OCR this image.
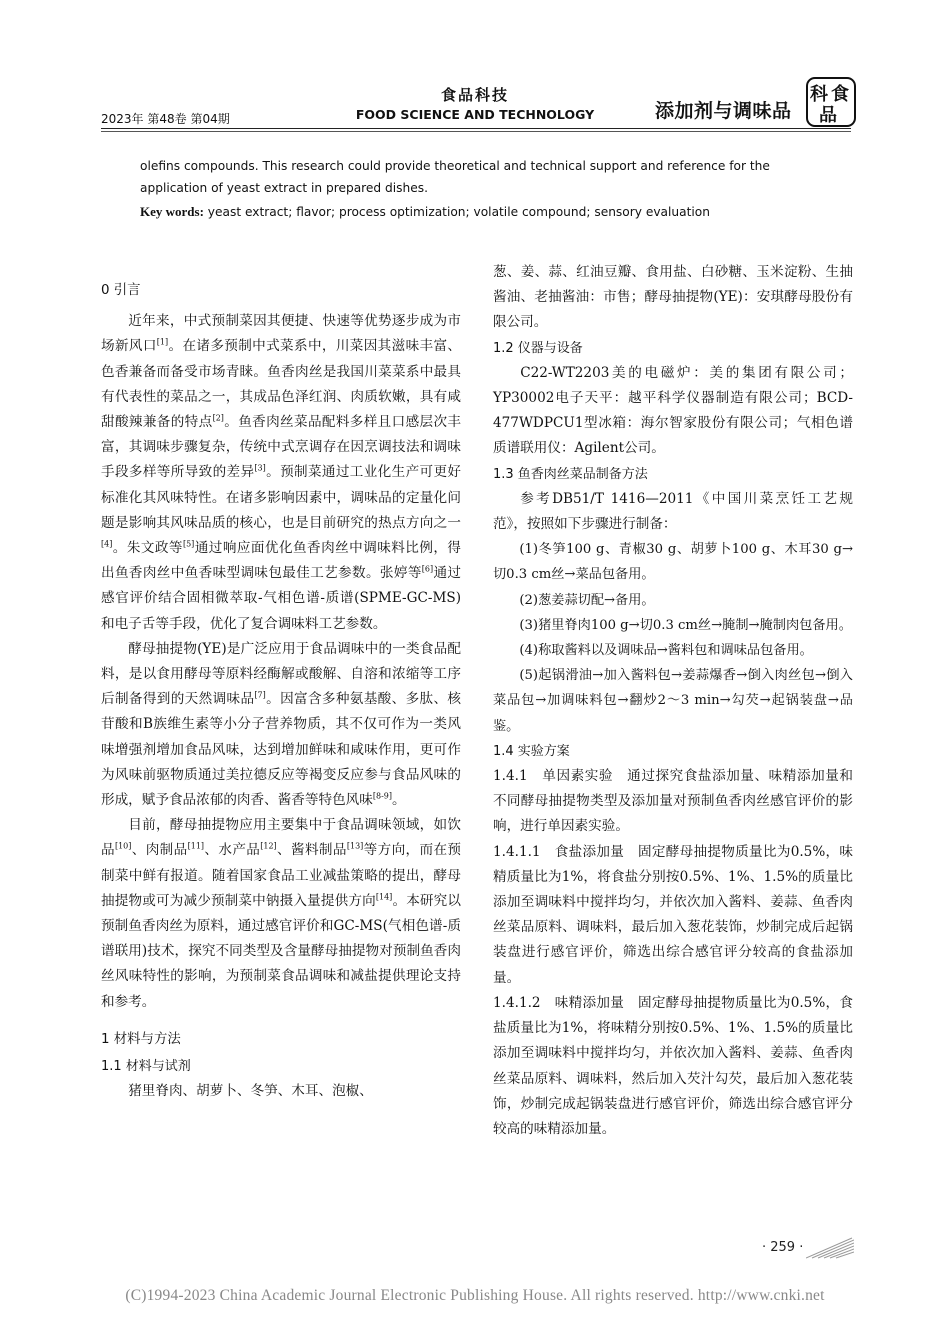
2023年 第48卷 第04期
食品科技
FOOD SCIENCE AND TECHNOLOGY	添加剂与调味品
科 食
品
olefins compounds. This research could provide theoretical and technical support and reference for the
application of yeast extract in prepared dishes.
Key words: yeast extract; flavor; process optimization; volatile compound; sensory evaluation
0 引言
近年来，中式预制菜因其便捷、快速等优势逐步成为市场新风口[1]。在诸多预制中式菜系中，川菜因其滋味丰富、色香兼备而备受市场青睐。鱼香肉丝是我国川菜菜系中最具有代表性的菜品之一，其成品色泽红润、肉质软嫩，具有咸甜酸辣兼备的特点[2]。鱼香肉丝菜品配料多样且口感层次丰富，其调味步骤复杂，传统中式烹调存在因烹调技法和调味手段多样等所导致的差异[3]。预制菜通过工业化生产可更好标准化其风味特性。在诸多影响因素中，调味品的定量化问题是影响其风味品质的核心，也是目前研究的热点方向之一[4]。朱文政等[5]通过响应面优化鱼香肉丝中调味料比例，得出鱼香肉丝中鱼香味型调味包最佳工艺参数。张婷等[6]通过感官评价结合固相微萃取-气相色谱-质谱(SPME-GC-MS)和电子舌等手段，优化了复合调味料工艺参数。
酵母抽提物(YE)是广泛应用于食品调味中的一类食品配料，是以食用酵母等原料经酶解或酸解、自溶和浓缩等工序后制备得到的天然调味品[7]。因富含多种氨基酸、多肽、核苷酸和B族维生素等小分子营养物质，其不仅可作为一类风味增强剂增加食品风味，达到增加鲜味和咸味作用，更可作为风味前驱物质通过美拉德反应等褐变反应参与食品风味的形成，赋予食品浓郁的肉香、酱香等特色风味[8-9]。
目前，酵母抽提物应用主要集中于食品调味领域，如饮品[10]、肉制品[11]、水产品[12]、酱料制品[13]等方向，而在预制菜中鲜有报道。随着国家食品工业减盐策略的提出，酵母抽提物或可为减少预制菜中钠摄入量提供方向[14]。本研究以预制鱼香肉丝为原料，通过感官评价和GC-MS(气相色谱-质谱联用)技术，探究不同类型及含量酵母抽提物对预制鱼香肉丝风味特性的影响，为预制菜食品调味和减盐提供理论支持和参考。
1 材料与方法
1.1 材料与试剂
猪里脊肉、胡萝卜、冬笋、木耳、泡椒、
葱、姜、蒜、红油豆瓣、食用盐、白砂糖、玉米淀粉、生抽酱油、老抽酱油：市售；酵母抽提物(YE)：安琪酵母股份有限公司。
1.2 仪器与设备
C22-WT2203美的电磁炉：美的集团有限公司；YP30002电子天平：越平科学仪器制造有限公司；BCD-477WDPCU1型冰箱：海尔智家股份有限公司；气相色谱质谱联用仪：Agilent公司。
1.3 鱼香肉丝菜品制备方法
参考DB51/T 1416—2011《中国川菜烹饪工艺规范》，按照如下步骤进行制备：
(1)冬笋100 g、青椒30 g、胡萝卜100 g、木耳30 g→切0.3 cm丝→菜品包备用。
(2)葱姜蒜切配→备用。
(3)猪里脊肉100 g→切0.3 cm丝→腌制→腌制肉包备用。
(4)称取酱料以及调味品→酱料包和调味品包备用。
(5)起锅滑油→加入酱料包→姜蒜爆香→倒入肉丝包→倒入菜品包→加调味料包→翻炒2～3 min→勾芡→起锅装盘→品鉴。
1.4 实验方案
1.4.1　单因素实验　通过探究食盐添加量、味精添加量和不同酵母抽提物类型及添加量对预制鱼香肉丝感官评价的影响，进行单因素实验。
1.4.1.1　食盐添加量　固定酵母抽提物质量比为0.5%，味精质量比为1%，将食盐分别按0.5%、1%、1.5%的质量比添加至调味料中搅拌均匀，并依次加入酱料、姜蒜、鱼香肉丝菜品原料、调味料，最后加入葱花装饰，炒制完成后起锅装盘进行感官评价，筛选出综合感官评分较高的食盐添加量。
1.4.1.2　味精添加量　固定酵母抽提物质量比为0.5%，食盐质量比为1%，将味精分别按0.5%、1%、1.5%的质量比添加至调味料中搅拌均匀，并依次加入酱料、姜蒜、鱼香肉丝菜品原料、调味料，然后加入芡汁勾芡，最后加入葱花装饰，炒制完成起锅装盘进行感官评价，筛选出综合感官评分较高的味精添加量。
· 259 ·
(C)1994-2023 China Academic Journal Electronic Publishing House. All rights reserved. http://www.cnki.net
